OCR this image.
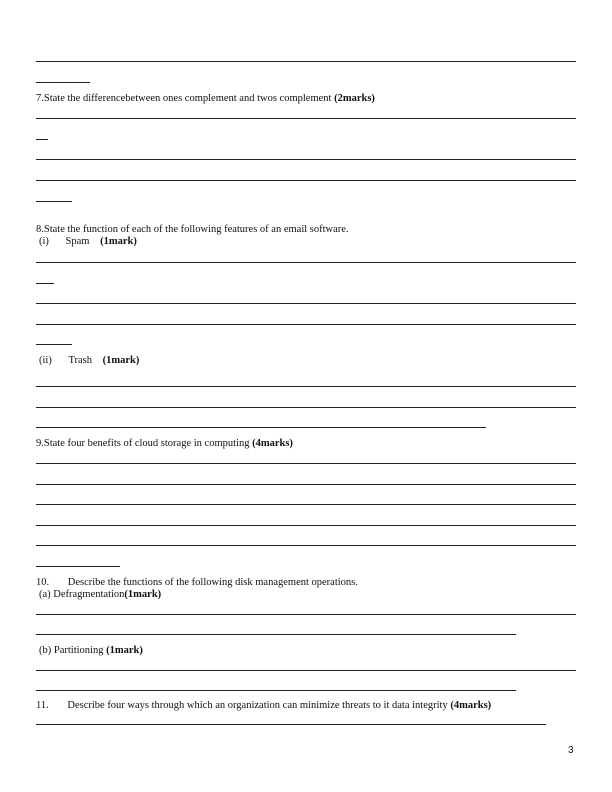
7.State the differencebetween ones complement and twos complement (2marks)
8.State the function of each of the following features of an email software.
(i) Spam (1mark)
(ii) Trash (1mark)
9.State four benefits of cloud storage in computing (4marks)
10. Describe the functions of the following disk management operations.
(a) Defragmentation(1mark)
(b) Partitioning (1mark)
11. Describe four ways through which an organization can minimize threats to it data integrity (4marks)
3
